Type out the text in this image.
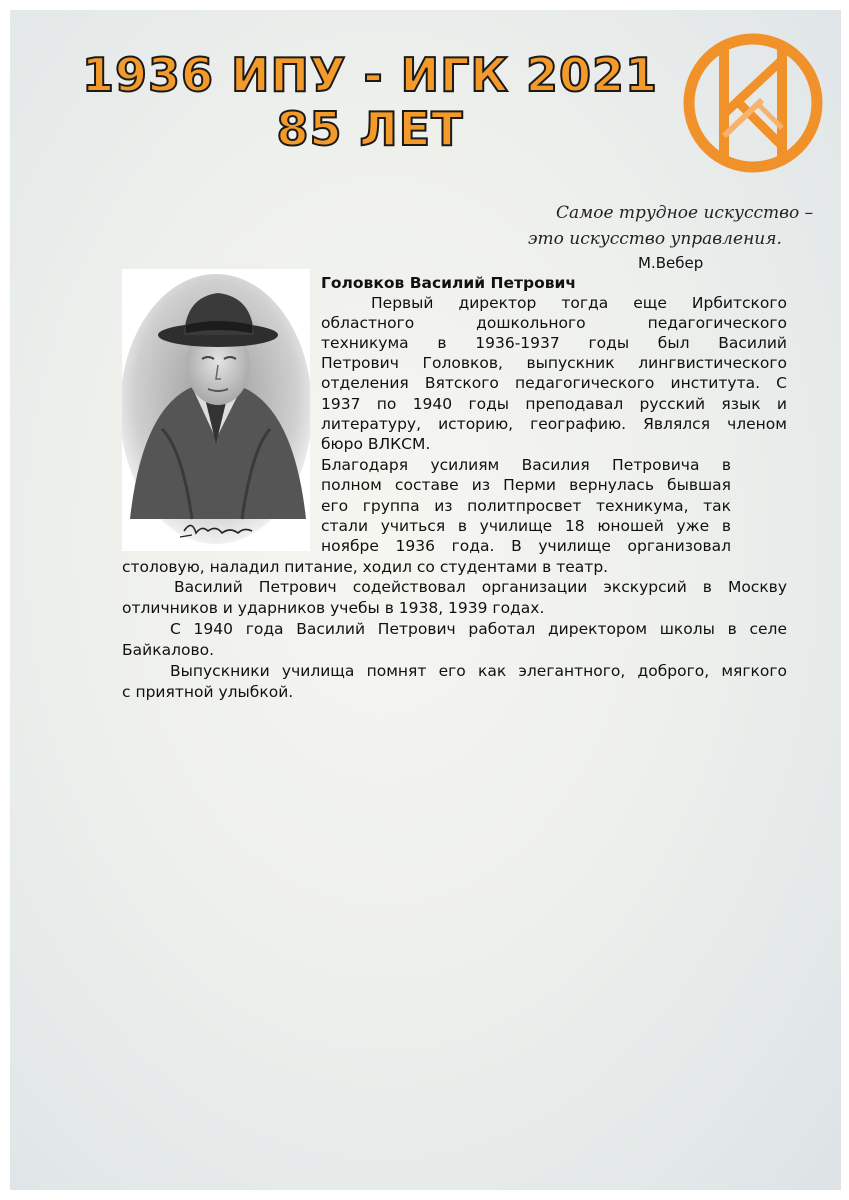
1936 ИПУ - ИГК 2021
85 ЛЕТ
Самое трудное искусство –
это искусство управления.
М.Вебер
Головков Василий Петрович
Первый директор тогда еще Ирбитского
областного дошкольного педагогического
техникума в 1936-1937 годы был Василий
Петрович Головков, выпускник лингвистического
отделения Вятского педагогического института. С
1937 по 1940 годы преподавал русский язык и
литературу, историю, географию. Являлся членом
бюро ВЛКСМ.
Благодаря усилиям Василия Петровича в
полном составе из Перми вернулась бывшая
его группа из политпросвет техникума, так
стали учиться в училище 18 юношей уже в
ноябре 1936 года. В училище организовал
столовую, наладил питание, ходил со студентами в театр.
Василий Петрович содействовал организации экскурсий в Москву
отличников и ударников учебы в 1938, 1939 годах.
С 1940 года Василий Петрович работал директором школы в селе
Байкалово.
Выпускники училища помнят его как элегантного, доброго, мягкого
с приятной улыбкой.
